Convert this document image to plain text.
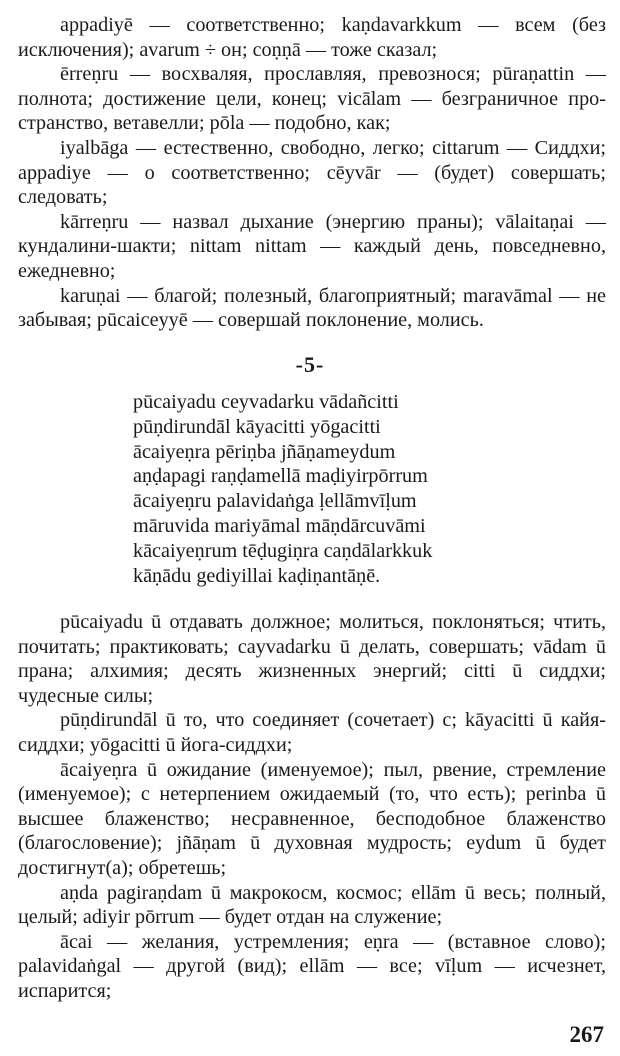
appadiyē — соответственно; kaṇdavarkkum — всем (без исключения); avarum ÷ он; coṇṇā — тоже сказал;

ērreṇru — восхваляя, прославляя, превознося; pūraṇattin — полнота; достижение цели, конец; vicālam — безграничное пространство, ветавелли; pōla — подобно, как;

iyalbāga — естественно, свободно, легко; cittarum — Сиддхи; appadiye — о соответственно; cēyvār — (будет) совершать; следовать;

kārreṇru — назвал дыхание (энергию праны); vālaitaṇai — кундалини-шакти; nittam nittam — каждый день, повседневно, ежедневно;

karuṇai — благой; полезный, благоприятный; maravāmal — не забывая; pūcaiceyyē — совершай поклонение, молись.

-5-
pūcaiyadu ceyvadarku vādañcitti
pūṇdirundāl kāyacitti yōgacitti
ācaiyeṇra pēriṇba jñāṇameydum
aṇḍapagi raṇḍamellā maḍiyirpōrrum
ācaiyeṇru palavidaṅga ḷellāmvīḷum
māruvida mariyāmal māṇdārcuvāmi
kācaiyeṇrum tēḍugiṇra caṇdālarkkuk
kāṇādu gediyillai kaḍiṇantāṇē.

pūcaiyadu ū отдавать должное; молиться, поклоняться; чтить, почитать; практиковать; cayvadarku ū делать, совершать; vādam ū прана; алхимия; десять жизненных энергий; citti ū сиддхи; чудесные силы;

pūṇdirundāl ū то, что соединяет (сочетает) с; kāyacitti ū кайя-сиддхи; yōgacitti ū йога-сиддхи;

ācaiyeṇra ū ожидание (именуемое); пыл, рвение, стремление (именуемое); с нетерпением ожидаемый (то, что есть); perinba ū высшее блаженство; несравненное, бесподобное блаженство (благословение); jñāṇam ū духовная мудрость; eydum ū будет достигнут(а); обретешь;

aṇda pagiraṇdam ū макрокосм, космос; ellām ū весь; полный, целый; adiyir pōrrum — будет отдан на служение;

ācai — желания, устремления; eṇra — (вставное слово); palavidaṅgal — другой (вид); ellām — все; vīḷum — исчезнет, испарится;

267
